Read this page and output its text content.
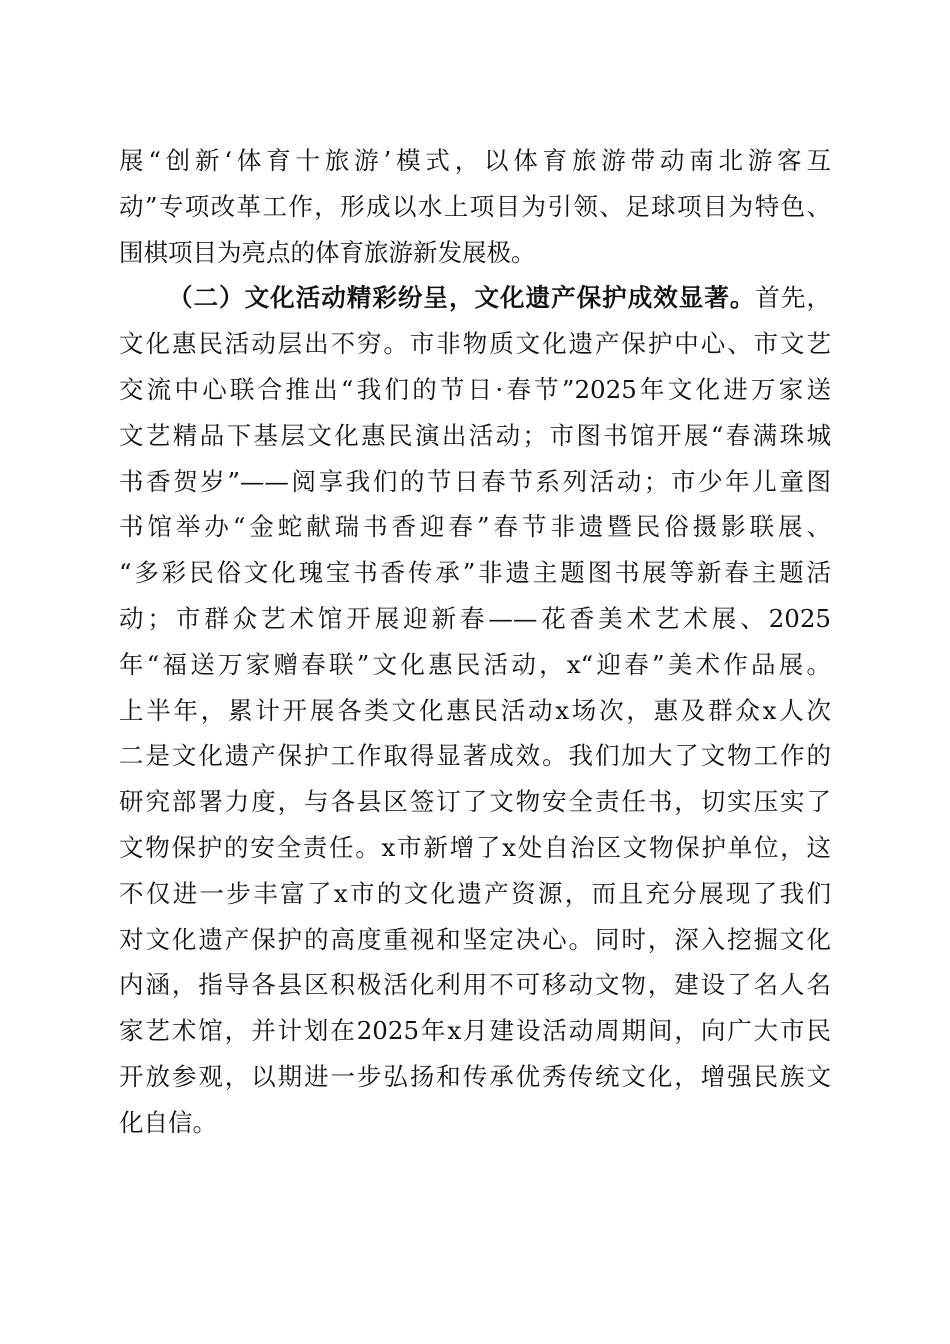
展“创新‘体育十旅游’模式，以体育旅游带动南北游客互
动”专项改革工作，形成以水上项目为引领、足球项目为特色、
围棋项目为亮点的体育旅游新发展极。
（二）文化活动精彩纷呈，文化遗产保护成效显著。首先，
文化惠民活动层出不穷。市非物质文化遗产保护中心、市文艺
交流中心联合推出“我们的节日·春节”2025年文化进万家送
文艺精品下基层文化惠民演出活动；市图书馆开展“春满珠城
书香贺岁”——阅享我们的节日春节系列活动；市少年儿童图
书馆举办“金蛇献瑞书香迎春”春节非遗暨民俗摄影联展、
“多彩民俗文化瑰宝书香传承”非遗主题图书展等新春主题活
动；市群众艺术馆开展迎新春——花香美术艺术展、2025
年“福送万家赠春联”文化惠民活动，x“迎春”美术作品展。
上半年，累计开展各类文化惠民活动x场次，惠及群众x人次
二是文化遗产保护工作取得显著成效。我们加大了文物工作的
研究部署力度，与各县区签订了文物安全责任书，切实压实了
文物保护的安全责任。x市新增了x处自治区文物保护单位，这
不仅进一步丰富了x市的文化遗产资源，而且充分展现了我们
对文化遗产保护的高度重视和坚定决心。同时，深入挖掘文化
内涵，指导各县区积极活化利用不可移动文物，建设了名人名
家艺术馆，并计划在2025年x月建设活动周期间，向广大市民
开放参观，以期进一步弘扬和传承优秀传统文化，增强民族文
化自信。
